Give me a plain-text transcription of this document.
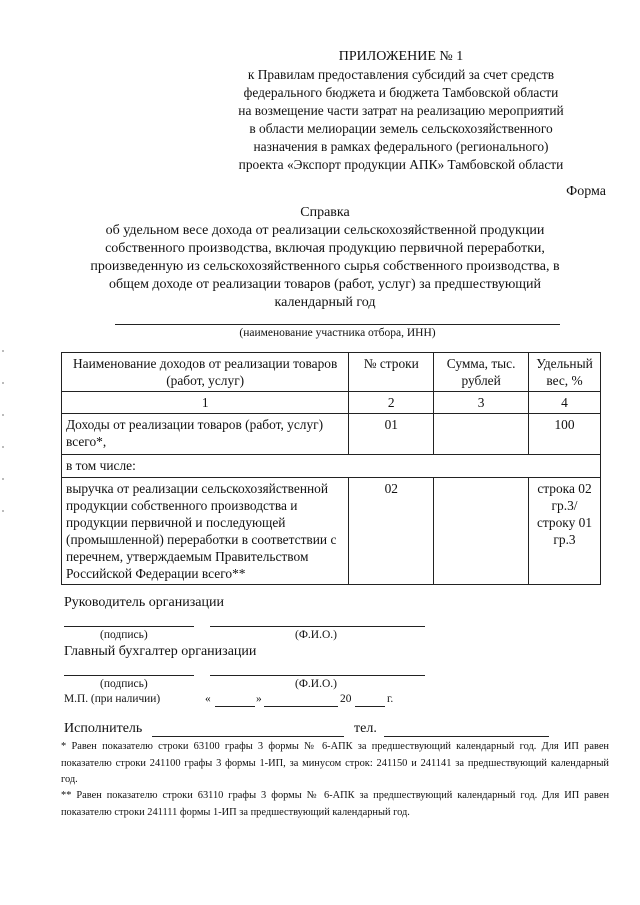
ПРИЛОЖЕНИЕ № 1
к Правилам предоставления субсидий за счет средств
федерального бюджета и бюджета Тамбовской области
на возмещение части затрат на реализацию мероприятий
в области мелиорации земель сельскохозяйственного
назначения в рамках федерального (регионального)
проекта «Экспорт продукции АПК» Тамбовской области
Форма
Справка
об удельном весе дохода от реализации сельскохозяйственной продукции
собственного производства, включая продукцию первичной переработки,
произведенную из сельскохозяйственного сырья собственного производства, в
общем доходе от реализации товаров (работ, услуг) за предшествующий
календарный год
(наименование участника отбора, ИНН)
Наименование доходов от реализации товаров (работ, услуг)	№ строки	Сумма, тыс. рублей	Удельный вес, %
1	2	3	4
Доходы от реализации товаров (работ, услуг) всего*,	01		100
в том числе:			
выручка от реализации сельскохозяйственной продукции собственного производства и продукции первичной и последующей (промышленной) переработки в соответствии с перечнем, утверждаемым Правительством Российской Федерации всего**	02		строка 02 гр.3/ строку 01 гр.3
Руководитель организации
(подпись)	(Ф.И.О.)
Главный бухгалтер организации
(подпись)	(Ф.И.О.)
М.П. (при наличии)	«	»	20	г.
Исполнитель	тел.
* Равен показателю строки 63100 графы 3 формы № 6-АПК за предшествующий календарный год. Для ИП равен показателю строки 241100 графы 3 формы 1-ИП, за минусом строк: 241150 и 241141 за предшествующий календарный год.
** Равен показателю строки 63110 графы 3 формы № 6-АПК за предшествующий календарный год. Для ИП равен показателю строки 241111 формы 1-ИП за предшествующий календарный год.
